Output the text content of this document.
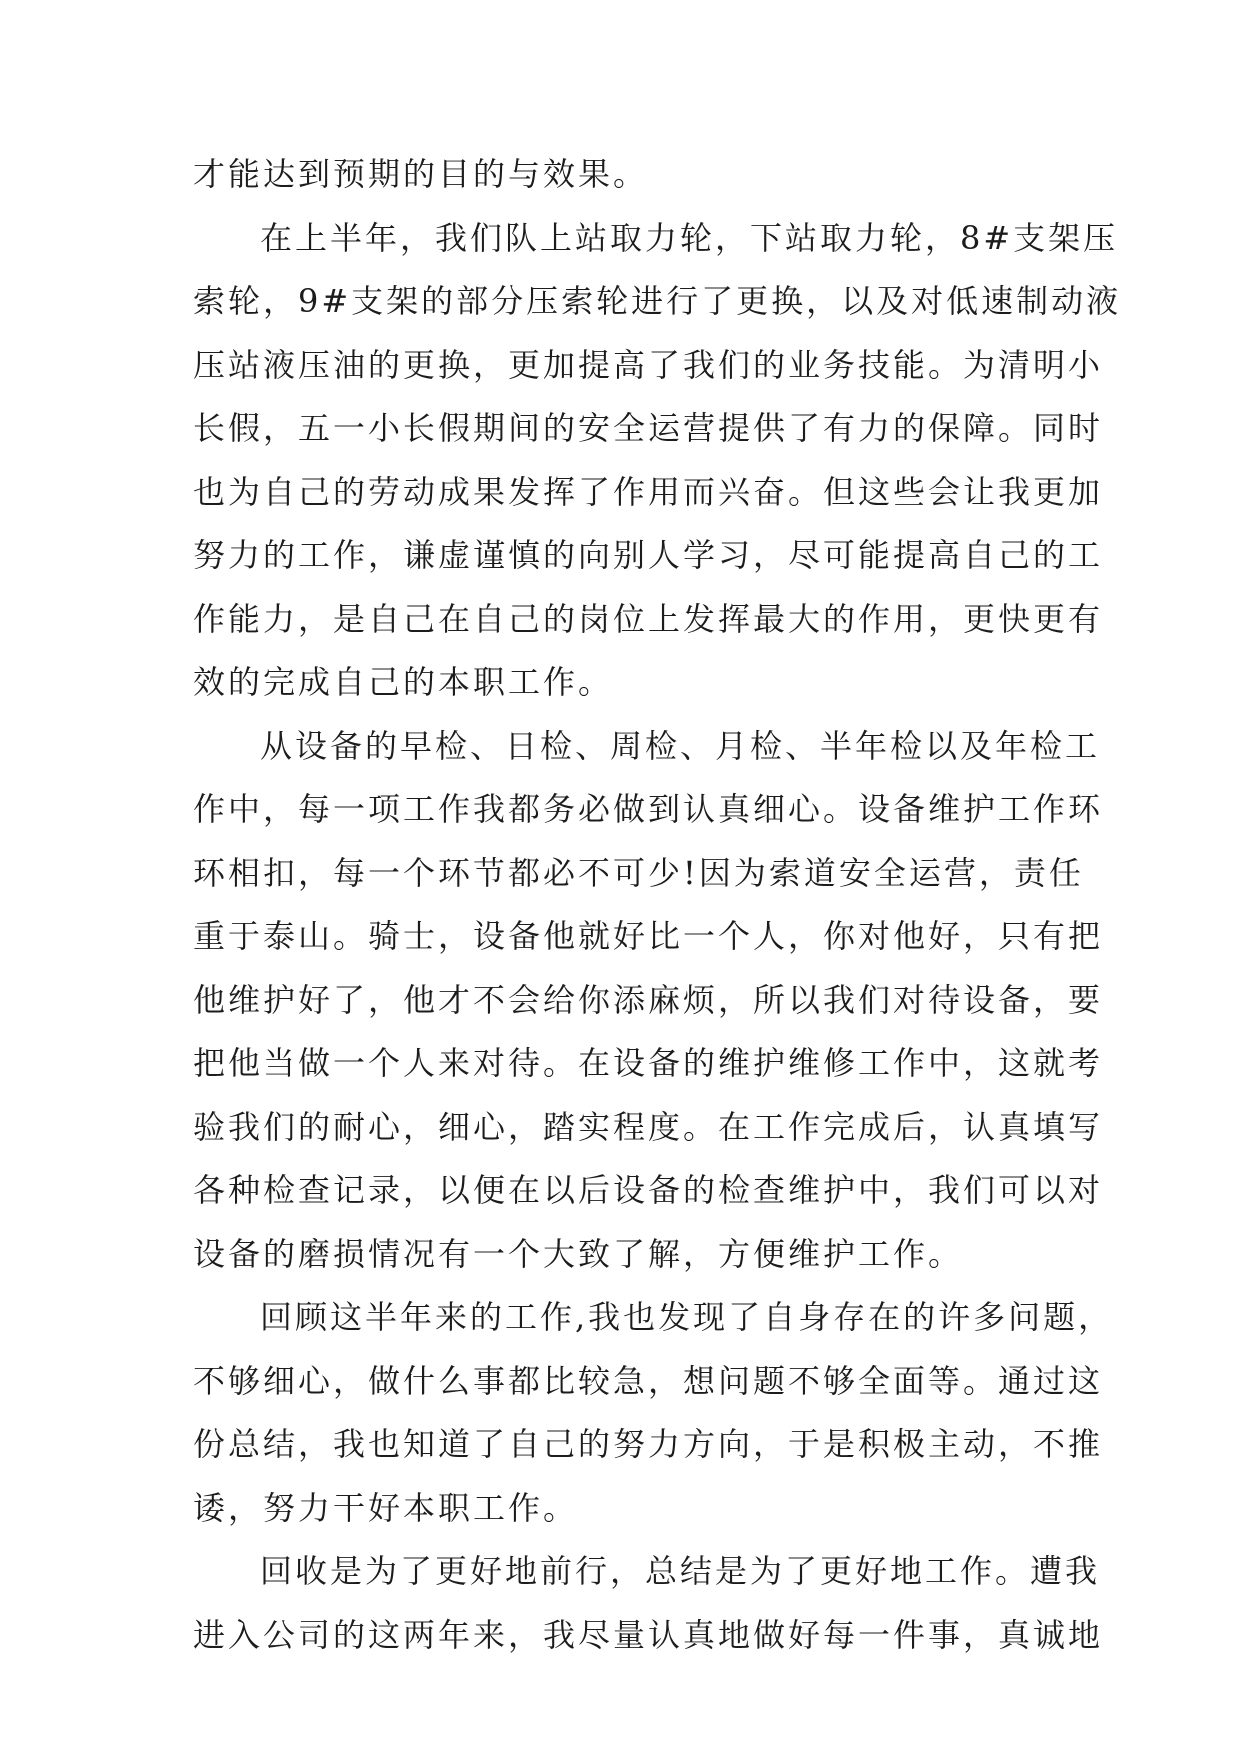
才能达到预期的目的与效果。
在上半年，我们队上站取力轮，下站取力轮，8#支架压
索轮，9#支架的部分压索轮进行了更换，以及对低速制动液
压站液压油的更换，更加提高了我们的业务技能。为清明小
长假，五一小长假期间的安全运营提供了有力的保障。同时
也为自己的劳动成果发挥了作用而兴奋。但这些会让我更加
努力的工作，谦虚谨慎的向别人学习，尽可能提高自己的工
作能力，是自己在自己的岗位上发挥最大的作用，更快更有
效的完成自己的本职工作。
从设备的早检、日检、周检、月检、半年检以及年检工
作中，每一项工作我都务必做到认真细心。设备维护工作环
环相扣，每一个环节都必不可少!因为索道安全运营，责任
重于泰山。骑士，设备他就好比一个人，你对他好，只有把
他维护好了，他才不会给你添麻烦，所以我们对待设备，要
把他当做一个人来对待。在设备的维护维修工作中，这就考
验我们的耐心，细心，踏实程度。在工作完成后，认真填写
各种检查记录，以便在以后设备的检查维护中，我们可以对
设备的磨损情况有一个大致了解，方便维护工作。
回顾这半年来的工作,我也发现了自身存在的许多问题，
不够细心，做什么事都比较急，想问题不够全面等。通过这
份总结，我也知道了自己的努力方向，于是积极主动，不推
诿，努力干好本职工作。
回收是为了更好地前行，总结是为了更好地工作。遭我
进入公司的这两年来，我尽量认真地做好每一件事，真诚地
